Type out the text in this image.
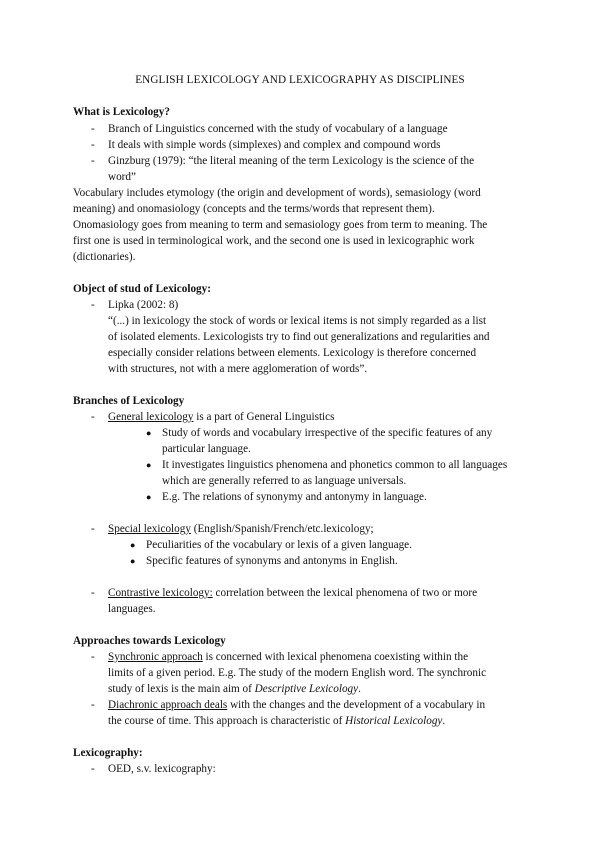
ENGLISH LEXICOLOGY AND LEXICOGRAPHY AS DISCIPLINES
What is Lexicology?
- Branch of Linguistics concerned with the study of vocabulary of a language
- It deals with simple words (simplexes) and complex and compound words
- Ginzburg (1979): “the literal meaning of the term Lexicology is the science of the
word”
Vocabulary includes etymology (the origin and development of words), semasiology (word
meaning) and onomasiology (concepts and the terms/words that represent them).
Onomasiology goes from meaning to term and semasiology goes from term to meaning. The
first one is used in terminological work, and the second one is used in lexicographic work
(dictionaries).
Object of stud of Lexicology:
- Lipka (2002: 8)
“(...) in lexicology the stock of words or lexical items is not simply regarded as a list
of isolated elements. Lexicologists try to find out generalizations and regularities and
especially consider relations between elements. Lexicology is therefore concerned
with structures, not with a mere agglomeration of words”.
Branches of Lexicology
- General lexicology is a part of General Linguistics
● Study of words and vocabulary irrespective of the specific features of any
particular language.
● It investigates linguistics phenomena and phonetics common to all languages
which are generally referred to as language universals.
● E.g. The relations of synonymy and antonymy in language.
- Special lexicology (English/Spanish/French/etc.lexicology;
● Peculiarities of the vocabulary or lexis of a given language.
● Specific features of synonyms and antonyms in English.
- Contrastive lexicology: correlation between the lexical phenomena of two or more
languages.
Approaches towards Lexicology
- Synchronic approach is concerned with lexical phenomena coexisting within the
limits of a given period. E.g. The study of the modern English word. The synchronic
study of lexis is the main aim of Descriptive Lexicology.
- Diachronic approach deals with the changes and the development of a vocabulary in
the course of time. This approach is characteristic of Historical Lexicology.
Lexicography:
- OED, s.v. lexicography:
